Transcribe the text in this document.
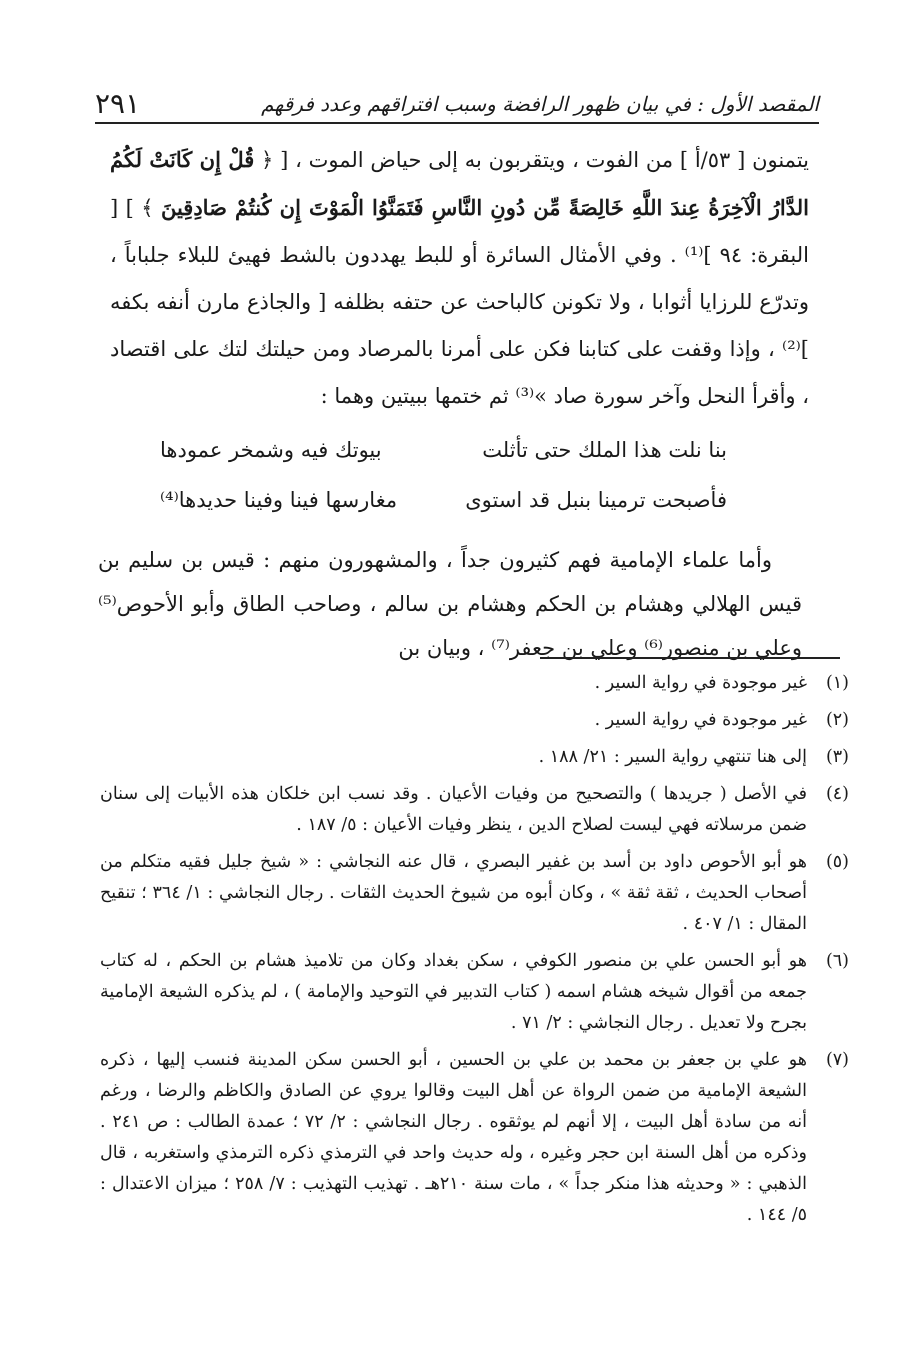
المقصد الأول : في بيان ظهور الرافضة وسبب افتراقهم وعدد فرقهم
٢٩١

يتمنون [ ٥٣/أ ] من الفوت ، ويتقربون به إلى حياض الموت ، [ ﴿ قُلْ إِن كَانَتْ لَكُمُ الدَّارُ الْآخِرَةُ عِندَ اللَّهِ خَالِصَةً مِّن دُونِ النَّاسِ فَتَمَنَّوُا الْمَوْتَ إِن كُنتُمْ صَادِقِينَ ﴾ ] [ البقرة: ٩٤ ]⁽¹⁾ . وفي الأمثال السائرة أو للبط يهددون بالشط فهيئ للبلاء جلباباً ، وتدرّع للرزايا أثوابا ، ولا تكونن كالباحث عن حتفه بظلفه [ والجاذع مارن أنفه بكفه ]⁽²⁾ ، وإذا وقفت على كتابنا فكن على أمرنا بالمرصاد ومن حيلتك لتك على اقتصاد ، وأقرأ النحل وآخر سورة صاد »⁽³⁾ ثم ختمها ببيتين وهما :

بنا نلت هذا الملك حتى تأثلت
بيوتك فيه وشمخر عمودها
فأصبحت ترمينا بنبل قد استوى
مغارسها فينا وفينا حديدها⁽⁴⁾
وأما علماء الإمامية فهم كثيرون جداً ، والمشهورون منهم : قيس بن سليم بن قيس الهلالي وهشام بن الحكم وهشام بن سالم ، وصاحب الطاق وأبو الأحوص⁽⁵⁾ وعلي بن منصور⁽⁶⁾ وعلي بن جعفر⁽⁷⁾ ، وبيان بن
(١)
غير موجودة في رواية السير .
(٢)
غير موجودة في رواية السير .
(٣)
إلى هنا تنتهي رواية السير : ٢١/ ١٨٨ .
(٤)
في الأصل ( جريدها ) والتصحيح من وفيات الأعيان . وقد نسب ابن خلكان هذه الأبيات إلى سنان ضمن مرسلاته فهي ليست لصلاح الدين ، ينظر وفيات الأعيان : ٥/ ١٨٧ .
(٥)
هو أبو الأحوص داود بن أسد بن غفير البصري ، قال عنه النجاشي : « شيخ جليل فقيه متكلم من أصحاب الحديث ، ثقة ثقة » ، وكان أبوه من شيوخ الحديث الثقات . رجال النجاشي : ١/ ٣٦٤ ؛ تنقيح المقال : ١/ ٤٠٧ .
(٦)
هو أبو الحسن علي بن منصور الكوفي ، سكن بغداد وكان من تلاميذ هشام بن الحكم ، له كتاب جمعه من أقوال شيخه هشام اسمه ( كتاب التدبير في التوحيد والإمامة ) ، لم يذكره الشيعة الإمامية بجرح ولا تعديل . رجال النجاشي : ٢/ ٧١ .
(٧)
هو علي بن جعفر بن محمد بن علي بن الحسين ، أبو الحسن سكن المدينة فنسب إليها ، ذكره الشيعة الإمامية من ضمن الرواة عن أهل البيت وقالوا يروي عن الصادق والكاظم والرضا ، ورغم أنه من سادة أهل البيت ، إلا أنهم لم يوثقوه . رجال النجاشي : ٢/ ٧٢ ؛ عمدة الطالب : ص ٢٤١ . وذكره من أهل السنة ابن حجر وغيره ، وله حديث واحد في الترمذي ذكره الترمذي واستغربه ، قال الذهبي : « وحديثه هذا منكر جداً » ، مات سنة ٢١٠هـ . تهذيب التهذيب : ٧/ ٢٥٨ ؛ ميزان الاعتدال : ٥/ ١٤٤ .
